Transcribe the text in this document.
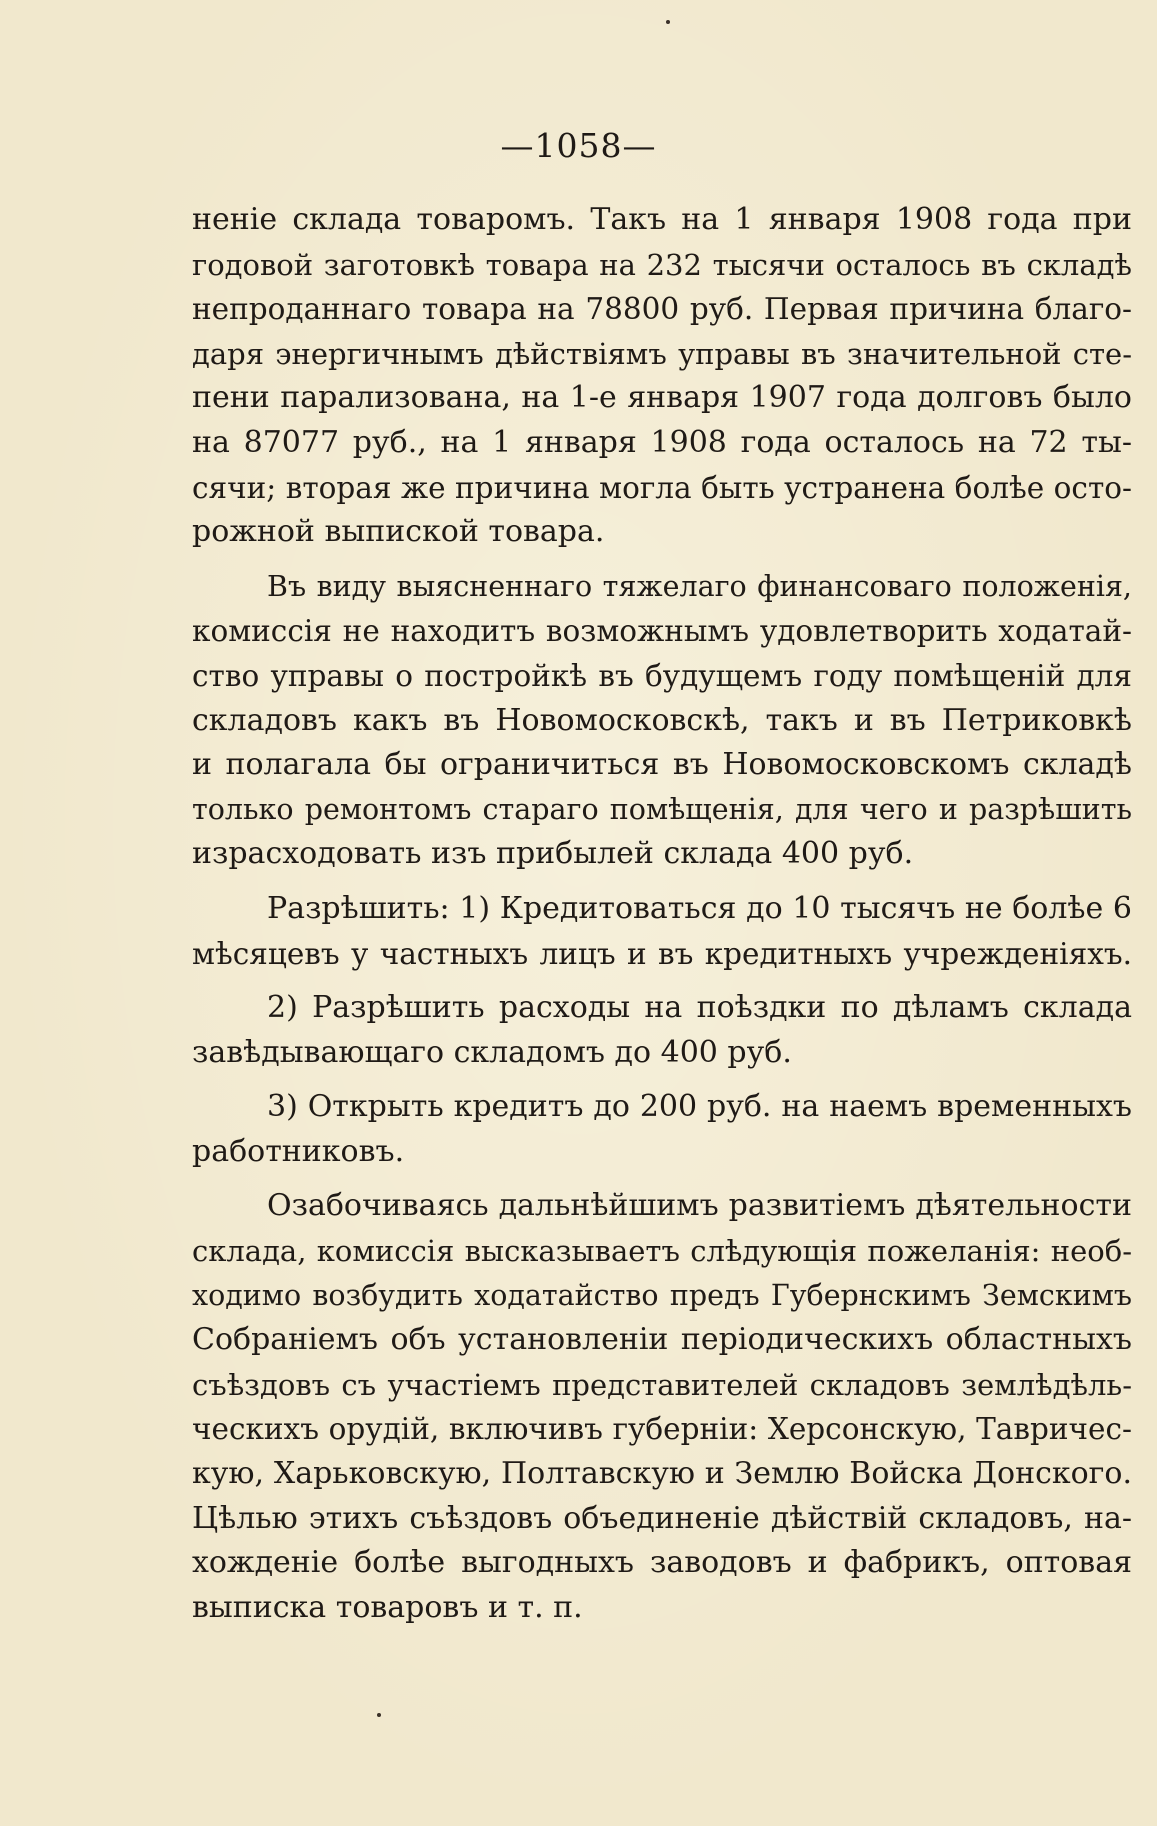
—1058—
неніе склада товаромъ. Такъ на 1 января 1908 года при
годовой заготовкѣ товара на 232 тысячи осталось въ складѣ
непроданнаго товара на 78800 руб. Первая причина благо-
даря энергичнымъ дѣйствіямъ управы въ значительной сте-
пени парализована, на 1-е января 1907 года долговъ было
на 87077 руб., на 1 января 1908 года осталось на 72 ты-
сячи; вторая же причина могла быть устранена болѣе осто-
рожной выпиской товара.
Въ виду выясненнаго тяжелаго финансоваго положенія,
комиссія не находитъ возможнымъ удовлетворить ходатай-
ство управы о постройкѣ въ будущемъ году помѣщеній для
складовъ какъ въ Новомосковскѣ, такъ и въ Петриковкѣ
и полагала бы ограничиться въ Новомосковскомъ складѣ
только ремонтомъ стараго помѣщенія, для чего и разрѣшить
израсходовать изъ прибылей склада 400 руб.
Разрѣшить: 1) Кредитоваться до 10 тысячъ не болѣе 6
мѣсяцевъ у частныхъ лицъ и въ кредитныхъ учрежденіяхъ.
2) Разрѣшить расходы на поѣздки по дѣламъ склада
завѣдывающаго складомъ до 400 руб.
3) Открыть кредитъ до 200 руб. на наемъ временныхъ
работниковъ.
Озабочиваясь дальнѣйшимъ развитіемъ дѣятельности
склада, комиссія высказываетъ слѣдующія пожеланія: необ-
ходимо возбудить ходатайство предъ Губернскимъ Земскимъ
Собраніемъ объ установленіи періодическихъ областныхъ
съѣздовъ съ участіемъ представителей складовъ землѣдѣль-
ческихъ орудій, включивъ губерніи: Херсонскую, Тавричес-
кую, Харьковскую, Полтавскую и Землю Войска Донского.
Цѣлью этихъ съѣздовъ объединеніе дѣйствій складовъ, на-
хожденіе болѣе выгодныхъ заводовъ и фабрикъ, оптовая
выписка товаровъ и т. п.
